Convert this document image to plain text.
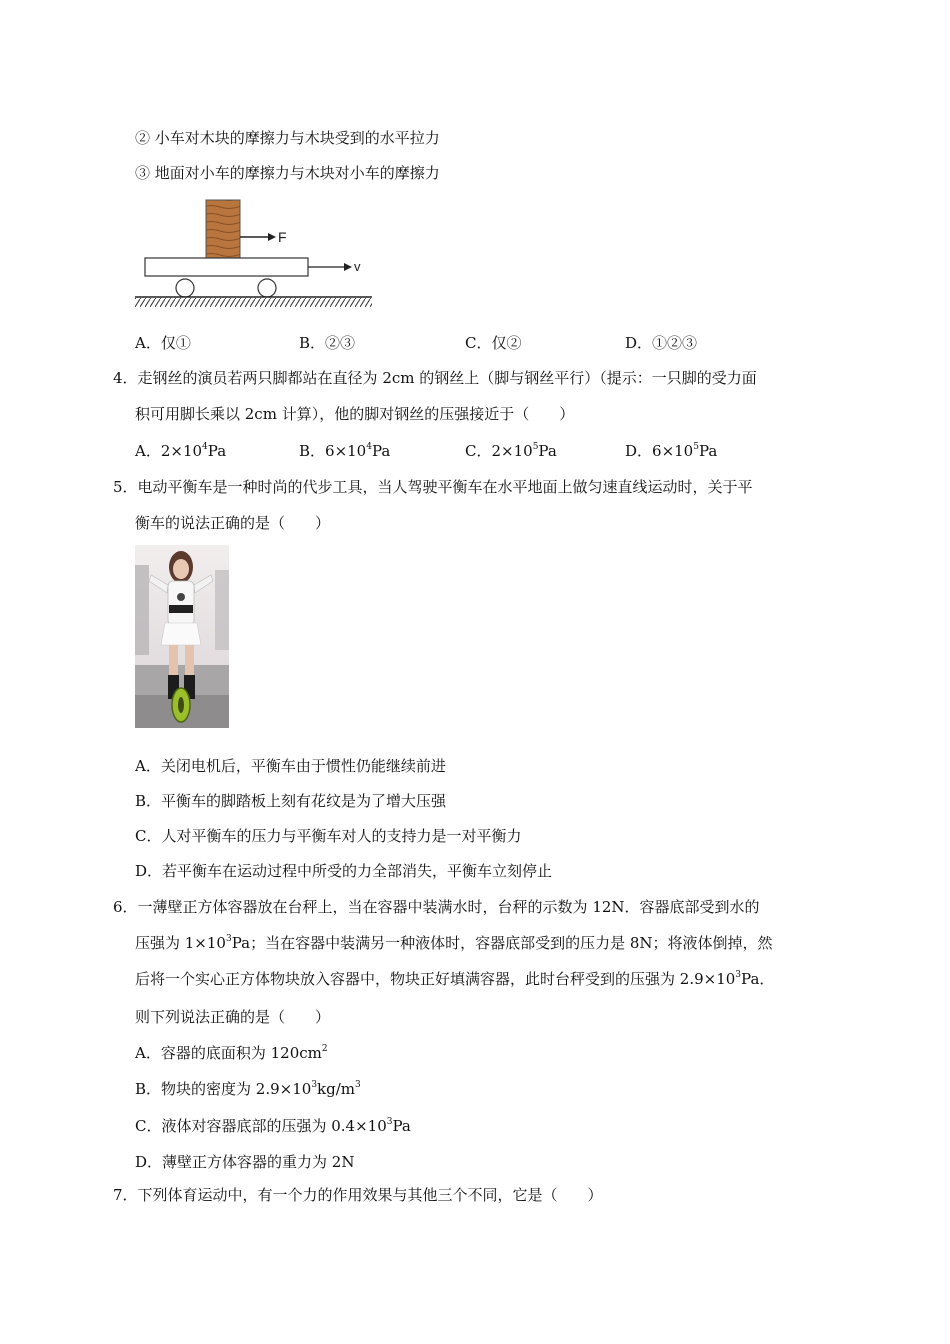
② 小车对木块的摩擦力与木块受到的水平拉力
③ 地面对小车的摩擦力与木块对小车的摩擦力
F
v
A．仅①	B．②③	C．仅②	D．①②③
4．走钢丝的演员若两只脚都站在直径为 2cm 的钢丝上（脚与钢丝平行）（提示：一只脚的受力面
积可用脚长乘以 2cm 计算），他的脚对钢丝的压强接近于（　　）
A．$2\times 10^4Pa$	B．$6\times 10^4Pa$	C．$2\times 10^5Pa$	D．$6\times 10^5Pa$
5．电动平衡车是一种时尚的代步工具，当人驾驶平衡车在水平地面上做匀速直线运动时，关于平
衡车的说法正确的是（　　）
A．关闭电机后，平衡车由于惯性仍能继续前进
B．平衡车的脚踏板上刻有花纹是为了增大压强
C．人对平衡车的压力与平衡车对人的支持力是一对平衡力
D．若平衡车在运动过程中所受的力全部消失，平衡车立刻停止
6．一薄壁正方体容器放在台秤上，当在容器中装满水时，台秤的示数为 12N．容器底部受到水的
压强为 $1\times 10^3Pa$；当在容器中装满另一种液体时，容器底部受到的压力是 8N；将液体倒掉，然
后将一个实心正方体物块放入容器中，物块正好填满容器，此时台秤受到的压强为 $2.9\times 10^3Pa$．
则下列说法正确的是（　　）
A．容器的底面积为 $120cm^2$
B．物块的密度为 $2.9\times 10^3kg/m^3$
C．液体对容器底部的压强为 $0.4\times 10^3Pa$
D．薄壁正方体容器的重力为 2N
7．下列体育运动中，有一个力的作用效果与其他三个不同，它是（　　）
